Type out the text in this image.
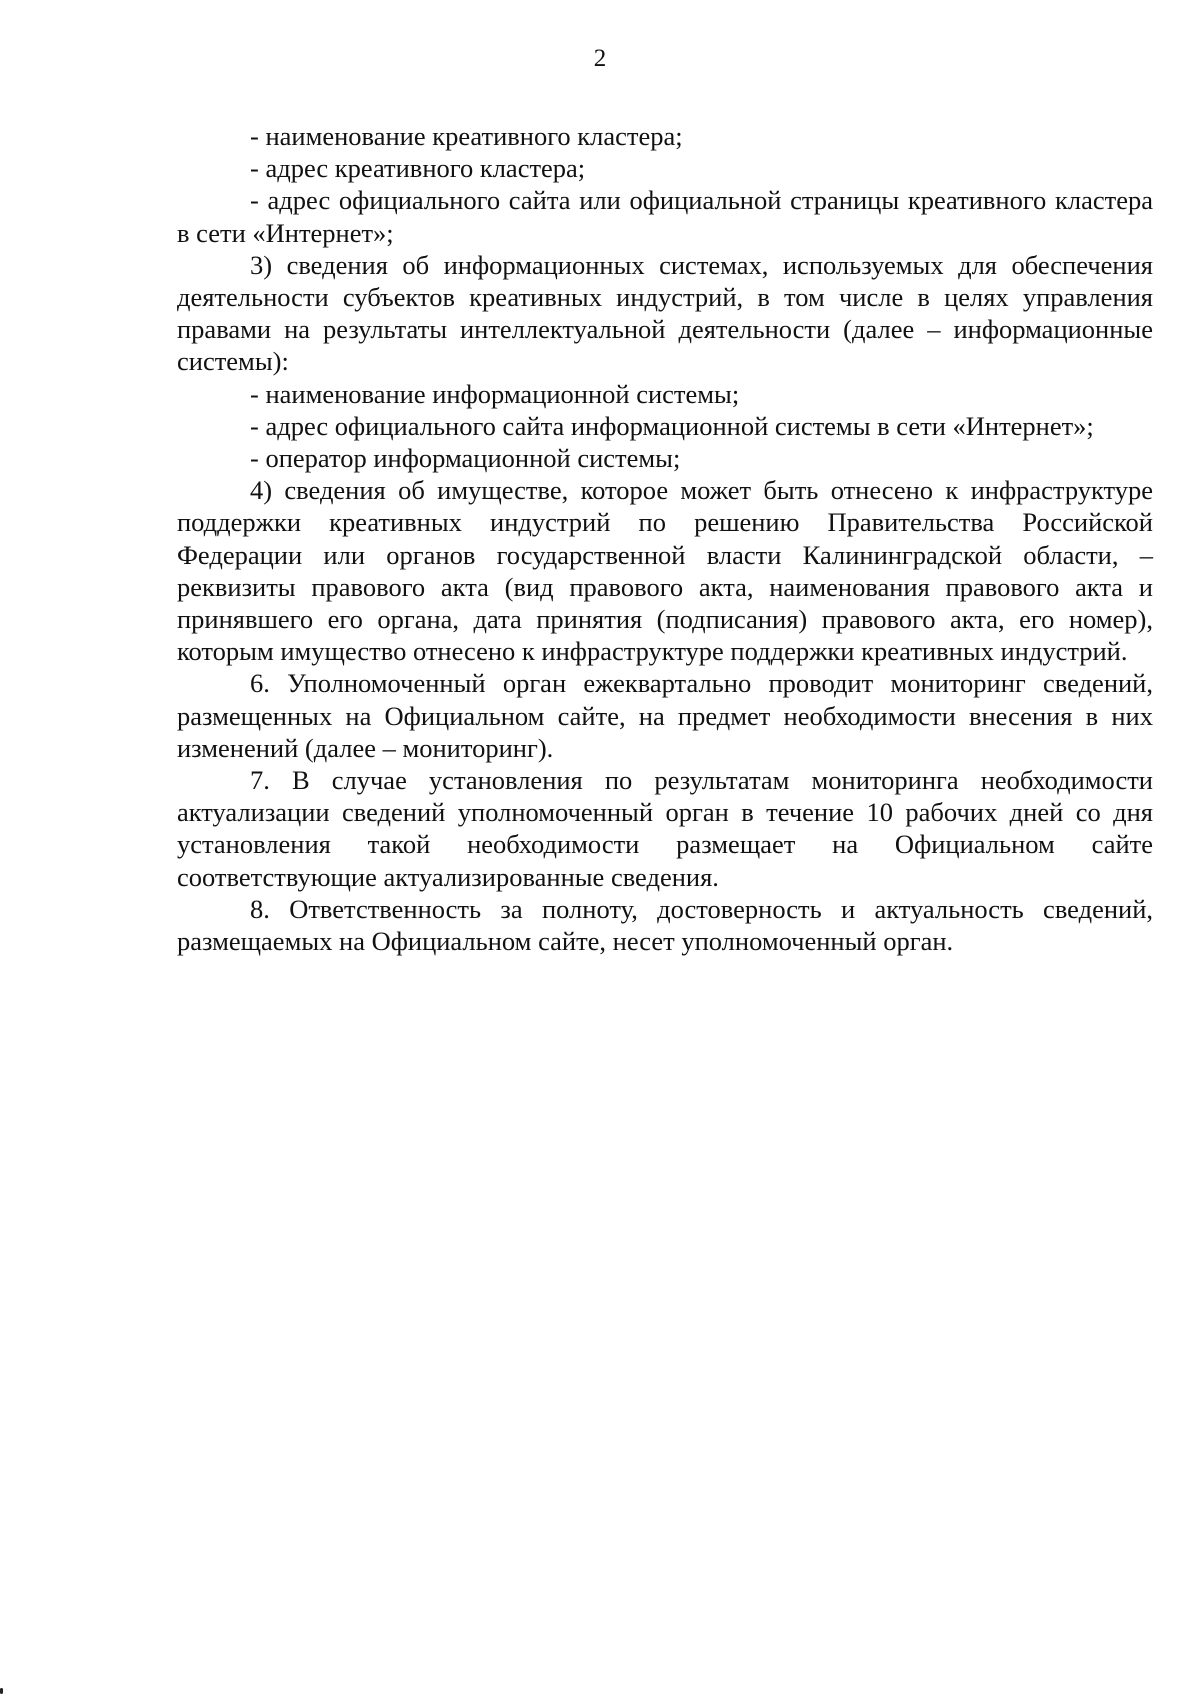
2

- наименование креативного кластера;

- адрес креативного кластера;

- адрес официального сайта или официальной страницы креативного кластера в сети «Интернет»;

3) сведения об информационных системах, используемых для обеспечения деятельности субъектов креативных индустрий, в том числе в целях управления правами на результаты интеллектуальной деятельности (далее – информационные системы):

- наименование информационной системы;

- адрес официального сайта информационной системы в сети «Интернет»;

- оператор информационной системы;

4) сведения об имуществе, которое может быть отнесено к инфраструктуре поддержки креативных индустрий по решению Правительства Российской Федерации или органов государственной власти Калининградской области, – реквизиты правового акта (вид правового акта, наименования правового акта и принявшего его органа, дата принятия (подписания) правового акта, его номер), которым имущество отнесено к инфраструктуре поддержки креативных индустрий.

6. Уполномоченный орган ежеквартально проводит мониторинг сведений, размещенных на Официальном сайте, на предмет необходимости внесения в них изменений (далее – мониторинг).

7. В случае установления по результатам мониторинга необходимости актуализации сведений уполномоченный орган в течение 10 рабочих дней со дня установления такой необходимости размещает на Официальном сайте соответствующие актуализированные сведения.

8. Ответственность за полноту, достоверность и актуальность сведений, размещаемых на Официальном сайте, несет уполномоченный орган.
